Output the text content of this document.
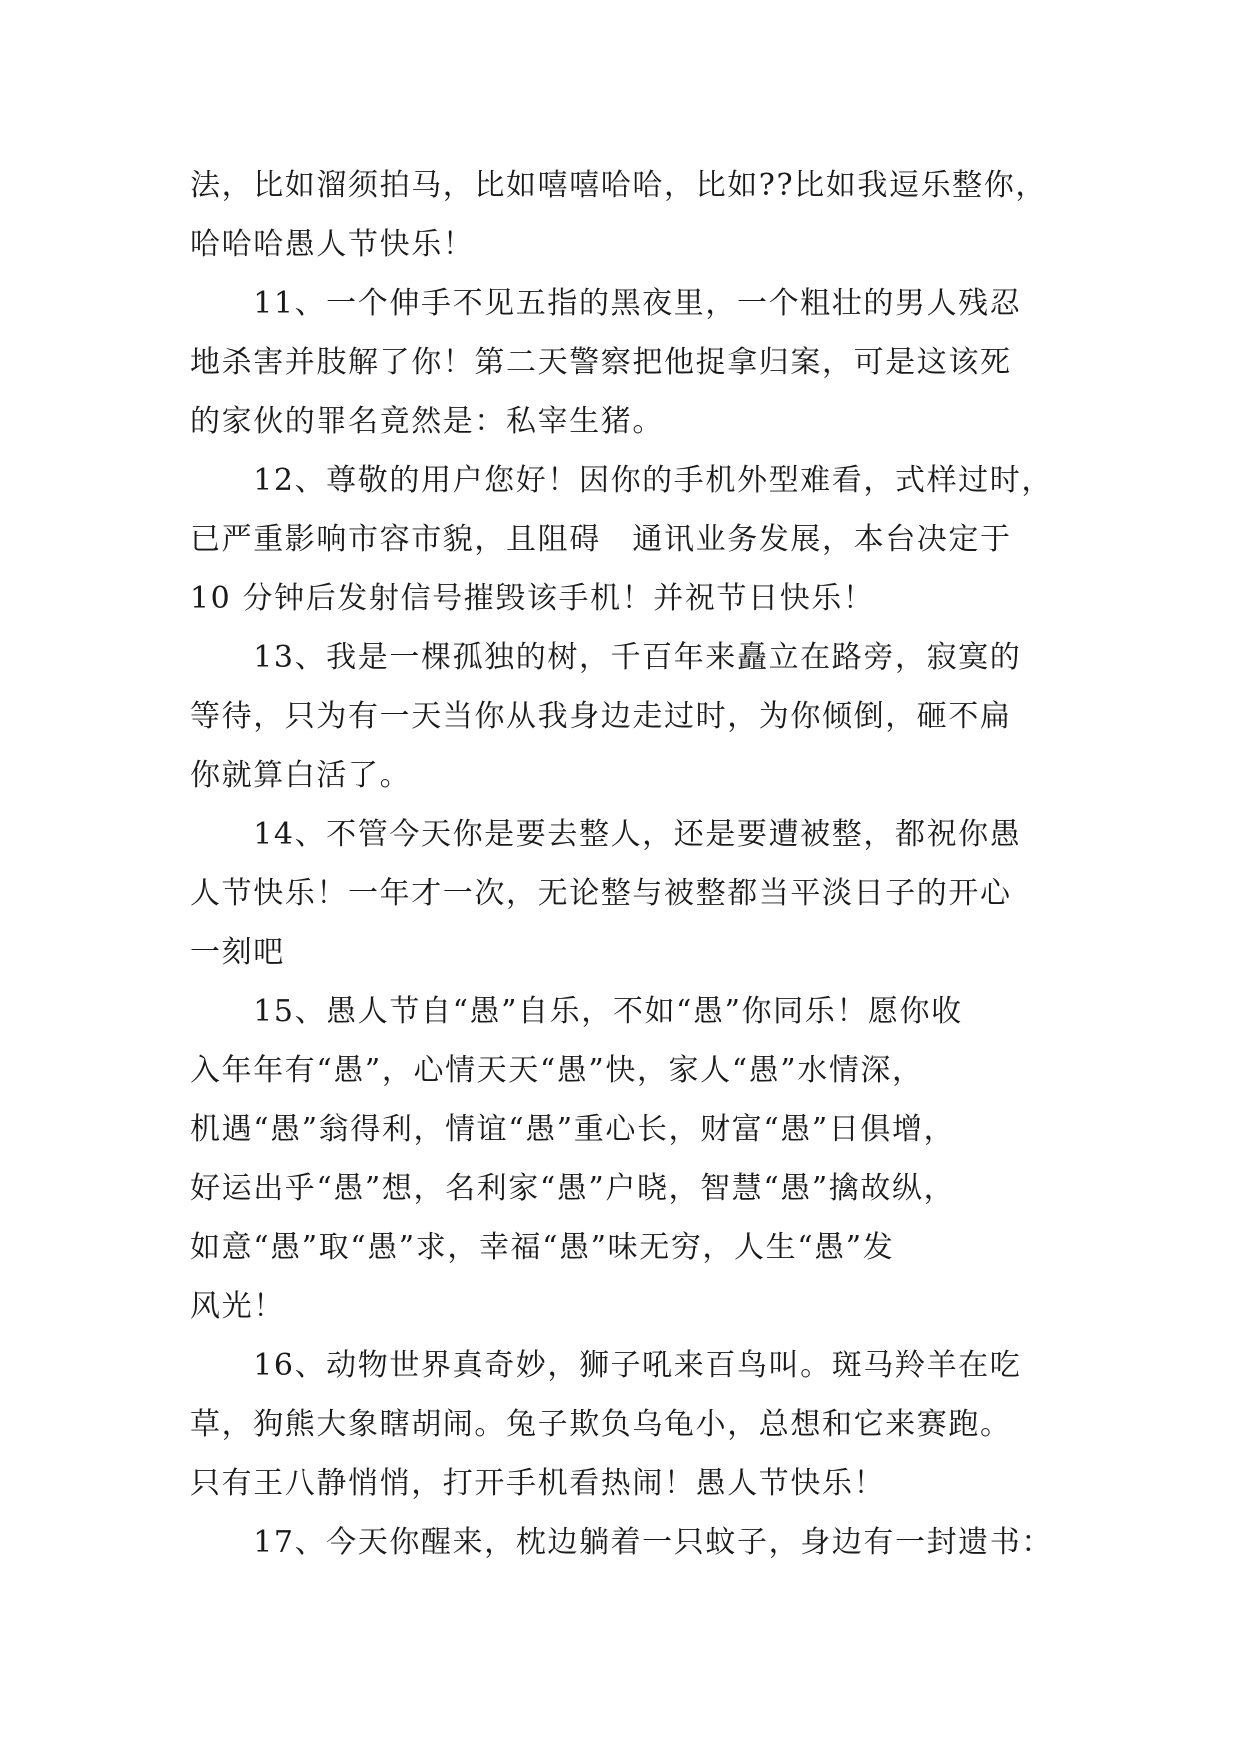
法，比如溜须拍马，比如嘻嘻哈哈，比如??比如我逗乐整你，
哈哈哈愚人节快乐！
　　11、一个伸手不见五指的黑夜里，一个粗壮的男人残忍
地杀害并肢解了你！第二天警察把他捉拿归案，可是这该死
的家伙的罪名竟然是：私宰生猪。
　　12、尊敬的用户您好！因你的手机外型难看，式样过时，
已严重影响市容市貌，且阻碍　通讯业务发展，本台决定于
10 分钟后发射信号摧毁该手机！并祝节日快乐！
　　13、我是一棵孤独的树，千百年来矗立在路旁，寂寞的
等待，只为有一天当你从我身边走过时，为你倾倒，砸不扁
你就算白活了。
　　14、不管今天你是要去整人，还是要遭被整，都祝你愚
人节快乐！一年才一次，无论整与被整都当平淡日子的开心
一刻吧
　　15、愚人节自“愚”自乐，不如“愚”你同乐！愿你收
入年年有“愚”，心情天天“愚”快，家人“愚”水情深，
机遇“愚”翁得利，情谊“愚”重心长，财富“愚”日俱增，
好运出乎“愚”想，名利家“愚”户晓，智慧“愚”擒故纵，
如意“愚”取“愚”求，幸福“愚”味无穷，人生“愚”发
风光！
　　16、动物世界真奇妙，狮子吼来百鸟叫。斑马羚羊在吃
草，狗熊大象瞎胡闹。兔子欺负乌龟小，总想和它来赛跑。
只有王八静悄悄，打开手机看热闹！愚人节快乐！
　　17、今天你醒来，枕边躺着一只蚊子，身边有一封遗书：
